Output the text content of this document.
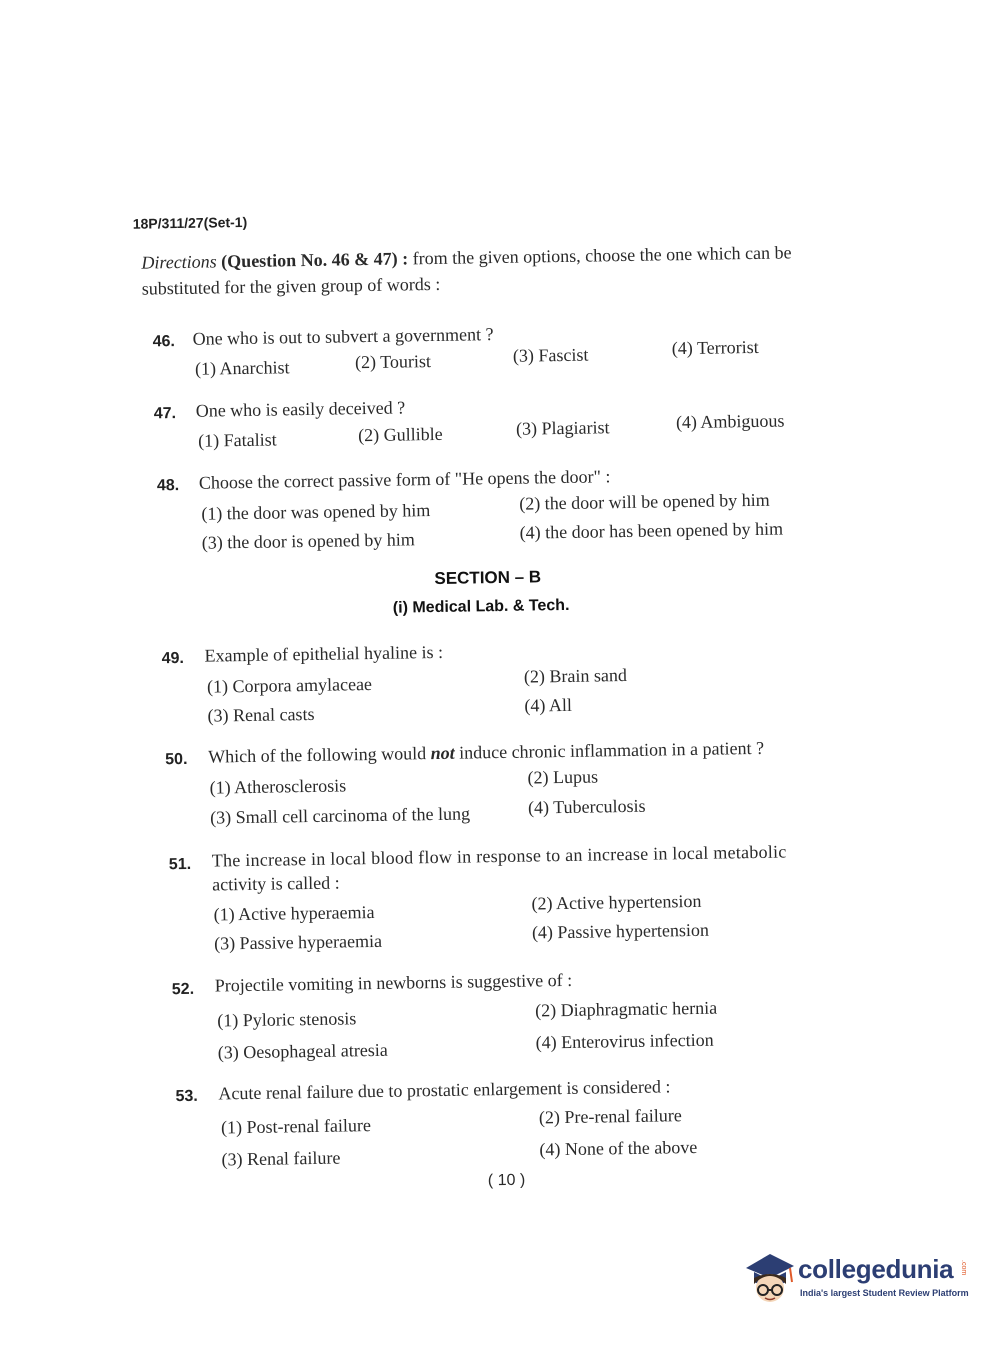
18P/311/27(Set-1)
Directions (Question No. 46 & 47) : from the given options, choose the one which can be substituted for the given group of words :
46. One who is out to subvert a government ?
(1) Anarchist	(2) Tourist	(3) Fascist	(4) Terrorist
47. One who is easily deceived ?
(1) Fatalist	(2) Gullible	(3) Plagiarist	(4) Ambiguous
48. Choose the correct passive form of "He opens the door" :
(1) the door was opened by him	(2) the door will be opened by him
(3) the door is opened by him	(4) the door has been opened by him
SECTION – B
(i) Medical Lab. & Tech.
49. Example of epithelial hyaline is :
(1) Corpora amylaceae	(2) Brain sand
(3) Renal casts	(4) All
50. Which of the following would not induce chronic inflammation in a patient ?
(1) Atherosclerosis	(2) Lupus
(3) Small cell carcinoma of the lung	(4) Tuberculosis
51. The increase in local blood flow in response to an increase in local metabolic
activity is called :
(1) Active hyperaemia	(2) Active hypertension
(3) Passive hyperaemia	(4) Passive hypertension
52. Projectile vomiting in newborns is suggestive of :
(1) Pyloric stenosis	(2) Diaphragmatic hernia
(3) Oesophageal atresia	(4) Enterovirus infection
53. Acute renal failure due to prostatic enlargement is considered :
(1) Post-renal failure	(2) Pre-renal failure
(3) Renal failure	(4) None of the above
( 10 )
collegedunia .com
India's largest Student Review Platform
